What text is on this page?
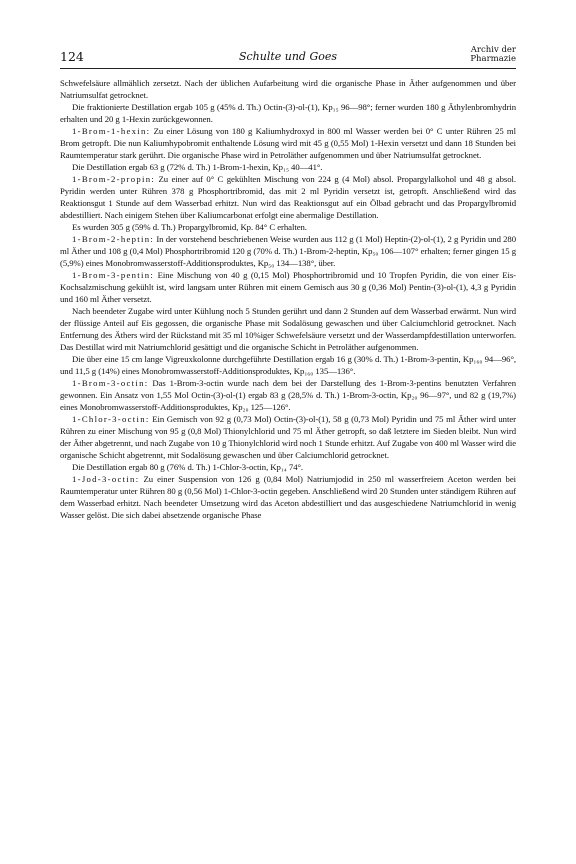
124	Schulte und Goes	Archiv der
Pharmazie

Schwefelsäure allmählich zersetzt. Nach der üblichen Aufarbeitung wird die organische Phase in Äther aufgenommen und über Natriumsulfat getrocknet.

Die fraktionierte Destillation ergab 105 g (45% d. Th.) Octin-(3)-ol-(1), Kp₁₅ 96—98°; ferner wurden 180 g Äthylenbromhydrin erhalten und 20 g 1-Hexin zurückgewonnen.

1-Brom-1-hexin: Zu einer Lösung von 180 g Kaliumhydroxyd in 800 ml Wasser werden bei 0° C unter Rühren 25 ml Brom getropft. Die nun Kaliumhypobromit enthaltende Lösung wird mit 45 g (0,55 Mol) 1-Hexin versetzt und dann 18 Stunden bei Raumtemperatur stark gerührt. Die organische Phase wird in Petroläther aufgenommen und über Natriumsulfat getrocknet.

Die Destillation ergab 63 g (72% d. Th.) 1-Brom-1-hexin, Kp₁₅ 40—41°.

1-Brom-2-propin: Zu einer auf 0° C gekühlten Mischung von 224 g (4 Mol) absol. Propargylalkohol und 48 g absol. Pyridin werden unter Rühren 378 g Phosphortribromid, das mit 2 ml Pyridin versetzt ist, getropft. Anschließend wird das Reaktionsgut 1 Stunde auf dem Wasserbad erhitzt. Nun wird das Reaktionsgut auf ein Ölbad gebracht und das Propargylbromid abdestilliert. Nach einigem Stehen über Kaliumcarbonat erfolgt eine abermalige Destillation.

Es wurden 305 g (59% d. Th.) Propargylbromid, Kp. 84° C erhalten.

1-Brom-2-heptin: In der vorstehend beschriebenen Weise wurden aus 112 g (1 Mol) Heptin-(2)-ol-(1), 2 g Pyridin und 280 ml Äther und 108 g (0,4 Mol) Phosphortribromid 120 g (70% d. Th.) 1-Brom-2-heptin, Kp₅₀ 106—107° erhalten; ferner gingen 15 g (5,9%) eines Monobromwasserstoff-Additionsproduktes, Kp₅₀ 134—138°, über.

1-Brom-3-pentin: Eine Mischung von 40 g (0,15 Mol) Phosphortribromid und 10 Tropfen Pyridin, die von einer Eis-Kochsalzmischung gekühlt ist, wird langsam unter Rühren mit einem Gemisch aus 30 g (0,36 Mol) Pentin-(3)-ol-(1), 4,3 g Pyridin und 160 ml Äther versetzt.

Nach beendeter Zugabe wird unter Kühlung noch 5 Stunden gerührt und dann 2 Stunden auf dem Wasserbad erwärmt. Nun wird der flüssige Anteil auf Eis gegossen, die organische Phase mit Sodalösung gewaschen und über Calciumchlorid getrocknet. Nach Entfernung des Äthers wird der Rückstand mit 35 ml 10%iger Schwefelsäure versetzt und der Wasserdampfdestillation unterworfen. Das Destillat wird mit Natriumchlorid gesättigt und die organische Schicht in Petroläther aufgenommen.

Die über eine 15 cm lange Vigreuxkolonne durchgeführte Destillation ergab 16 g (30% d. Th.) 1-Brom-3-pentin, Kp₁₆₀ 94—96°, und 11,5 g (14%) eines Monobromwasserstoff-Additionsproduktes, Kp₁₆₀ 135—136°.

1-Brom-3-octin: Das 1-Brom-3-octin wurde nach dem bei der Darstellung des 1-Brom-3-pentins benutzten Verfahren gewonnen. Ein Ansatz von 1,55 Mol Octin-(3)-ol-(1) ergab 83 g (28,5% d. Th.) 1-Brom-3-octin, Kp₂₀ 96—97°, und 82 g (19,7%) eines Monobromwasserstoff-Additionsproduktes, Kp₂₀ 125—126°.

1-Chlor-3-octin: Ein Gemisch von 92 g (0,73 Mol) Octin-(3)-ol-(1), 58 g (0,73 Mol) Pyridin und 75 ml Äther wird unter Rühren zu einer Mischung von 95 g (0,8 Mol) Thionylchlorid und 75 ml Äther getropft, so daß letztere im Sieden bleibt. Nun wird der Äther abgetrennt, und nach Zugabe von 10 g Thionylchlorid wird noch 1 Stunde erhitzt. Auf Zugabe von 400 ml Wasser wird die organische Schicht abgetrennt, mit Sodalösung gewaschen und über Calciumchlorid getrocknet.

Die Destillation ergab 80 g (76% d. Th.) 1-Chlor-3-octin, Kp₁₄ 74°.

1-Jod-3-octin: Zu einer Suspension von 126 g (0,84 Mol) Natriumjodid in 250 ml wasserfreiem Aceton werden bei Raumtemperatur unter Rühren 80 g (0,56 Mol) 1-Chlor-3-octin gegeben. Anschließend wird 20 Stunden unter ständigem Rühren auf dem Wasserbad erhitzt. Nach beendeter Umsetzung wird das Aceton abdestilliert und das ausgeschiedene Natriumchlorid in wenig Wasser gelöst. Die sich dabei absetzende organische Phase
